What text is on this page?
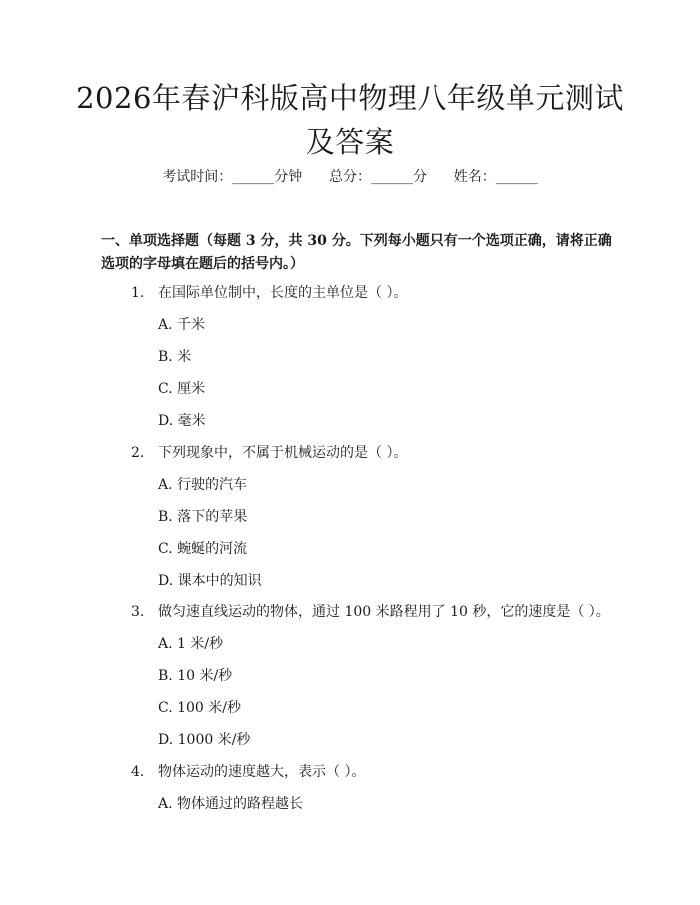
2026年春沪科版高中物理八年级单元测试及答案
考试时间：______分钟      总分：______分      姓名：______
一、单项选择题（每题 3 分，共 30 分。下列每小题只有一个选项正确，请将正确选项的字母填在题后的括号内。）
1. 在国际单位制中，长度的主单位是（ ）。
A. 千米
B. 米
C. 厘米
D. 毫米
2. 下列现象中，不属于机械运动的是（ ）。
A. 行驶的汽车
B. 落下的苹果
C. 蜿蜒的河流
D. 课本中的知识
3. 做匀速直线运动的物体，通过 100 米路程用了 10 秒，它的速度是（ ）。
A. 1 米/秒
B. 10 米/秒
C. 100 米/秒
D. 1000 米/秒
4. 物体运动的速度越大，表示（ ）。
A. 物体通过的路程越长
